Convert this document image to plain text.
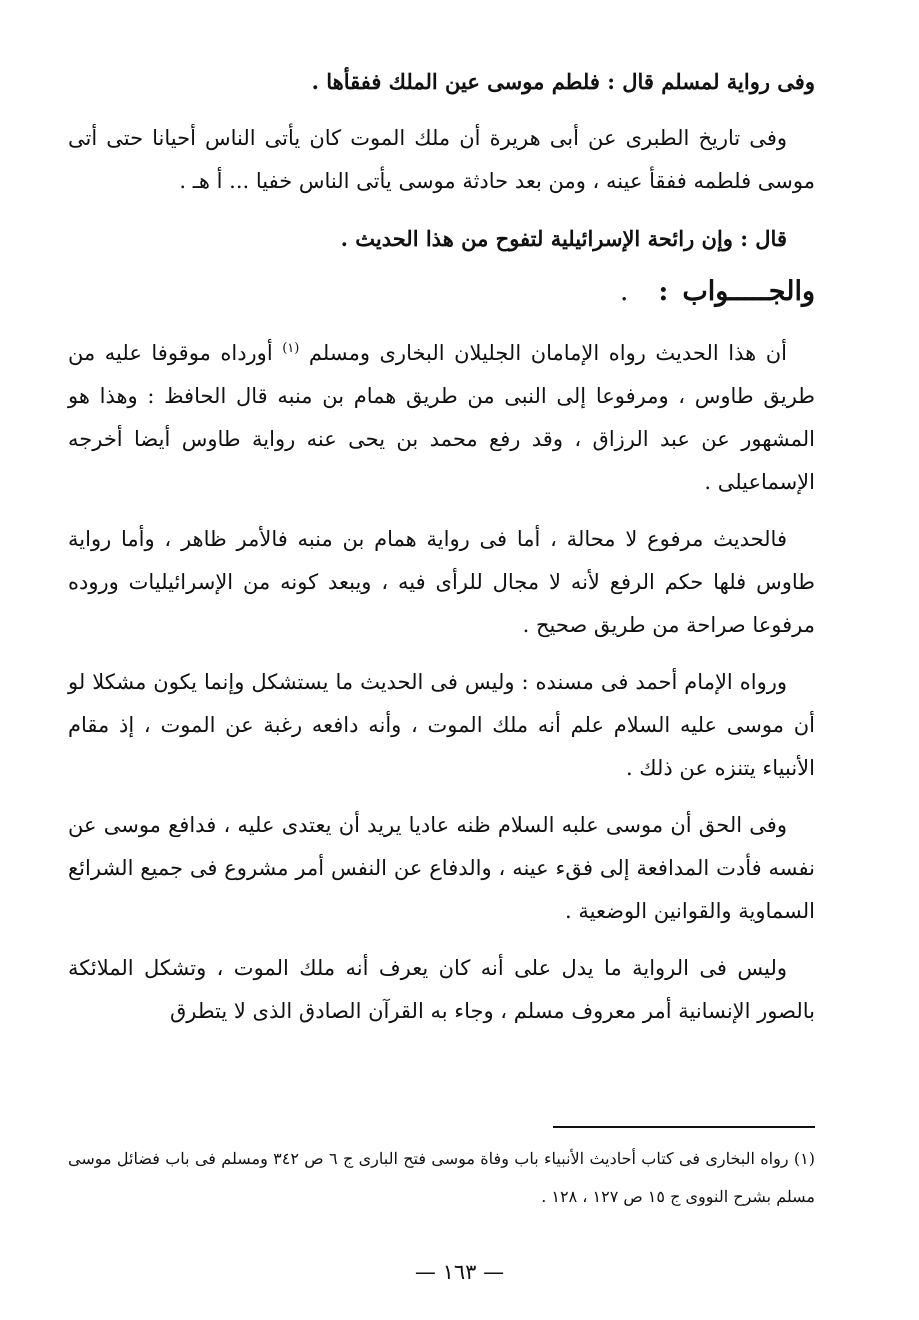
وفى رواية لمسلم قال : فلطم موسى عين الملك ففقأها .

وفى تاريخ الطبرى عن أبى هريرة أن ملك الموت كان يأتى الناس أحيانا حتى أتى موسى فلطمه ففقأ عينه ، ومن بعد حادثة موسى يأتى الناس خفيا ... أ هـ .

قال : وإن رائحة الإسرائيلية لتفوح من هذا الحديث .

والجـــــواب:.

أن هذا الحديث رواه الإمامان الجليلان البخارى ومسلم $^{(١)}$ أورداه موقوفا عليه من طريق طاوس ، ومرفوعا إلى النبى من طريق همام بن منبه قال الحافظ : وهذا هو المشهور عن عبد الرزاق ، وقد رفع محمد بن يحى عنه رواية طاوس أيضا أخرجه الإسماعيلى .

فالحديث مرفوع لا محالة ، أما فى رواية همام بن منبه فالأمر ظاهر ، وأما رواية طاوس فلها حكم الرفع لأنه لا مجال للرأى فيه ، ويبعد كونه من الإسرائيليات وروده مرفوعا صراحة من طريق صحيح .

ورواه الإمام أحمد فى مسنده : وليس فى الحديث ما يستشكل وإنما يكون مشكلا لو أن موسى عليه السلام علم أنه ملك الموت ، وأنه دافعه رغبة عن الموت ، إذ مقام الأنبياء يتنزه عن ذلك .

وفى الحق أن موسى علبه السلام ظنه عاديا يريد أن يعتدى عليه ، فدافع موسى عن نفسه فأدت المدافعة إلى فقء عينه ، والدفاع عن النفس أمر مشروع فى جميع الشرائع السماوية والقوانين الوضعية .

وليس فى الرواية ما يدل على أنه كان يعرف أنه ملك الموت ، وتشكل الملائكة بالصور الإنسانية أمر معروف مسلم ، وجاء به القرآن الصادق الذى لا يتطرق

(١) رواه البخارى فى كتاب أحاديث الأنبياء باب وفاة موسى فتح البارى ج ٦ ص ٣٤٢ ومسلم فى باب فضائل موسى مسلم بشرح النووى ج ١٥ ص ١٢٧ ، ١٢٨ .
— ١٦٣ —
